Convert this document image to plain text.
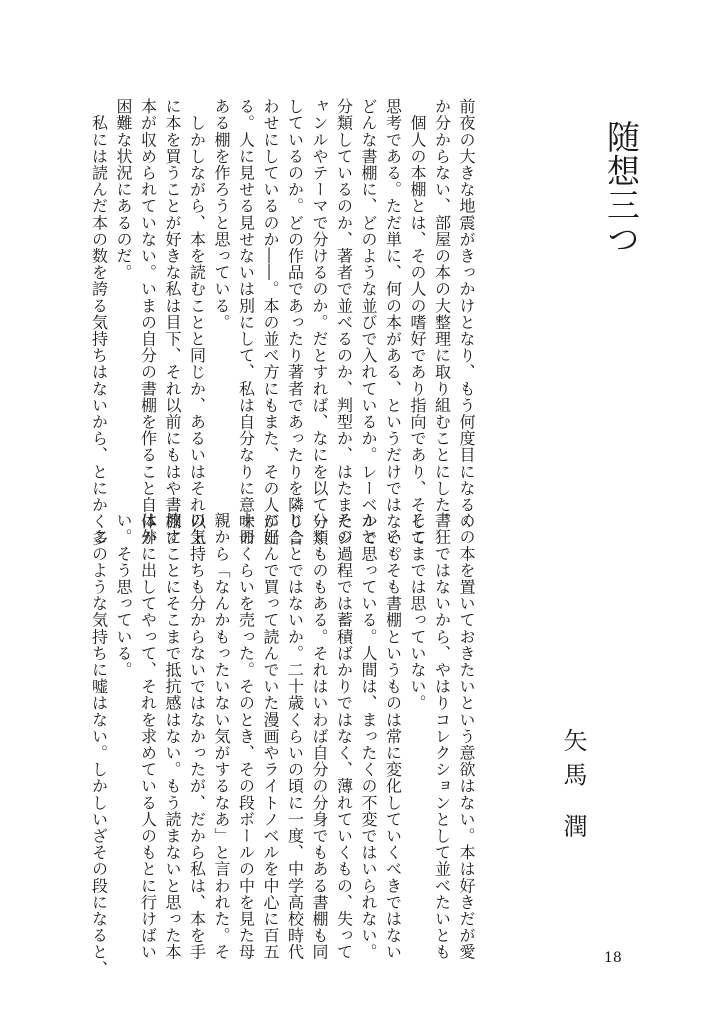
随想三つ
矢馬 潤
前夜の大きな地震がきっかけとなり、もう何度目になるの
か分からない、部屋の本の大整理に取り組むことにした。
　個人の本棚とは、その人の嗜好であり指向であり、そして
思考である。ただ単に、何の本がある、というだけではない。
どんな書棚に、どのような並びで入れているか。レーベルで
分類しているのか、著者で並べるのか、判型か、はたまたジ
ャンルやテーマで分けるのか。だとすれば、なにを以て分類
しているのか。どの作品であったり著者であったりを隣り合
わせにしているのか――。本の並べ方にもまた、その人が出
る。人に見せる見せないは別にして、私は自分なりに意味の
ある棚を作ろうと思っている。
　しかしながら、本を読むことと同じか、あるいはそれ以上
に本を買うことが好きな私は目下、それ以前にもはや書棚に
本が収められていない。いまの自分の書棚を作ること自体が
困難な状況にあるのだ。
　私には読んだ本の数を誇る気持ちはないから、とにかく多
くの本を置いておきたいという意欲はない。本は好きだが愛
書狂ではないから、やはりコレクションとして並べたいとも
そこまでは思っていない。
　そもそも書棚というものは常に変化していくべきではない
かと思っている。人間は、まったくの不変ではいられない。
その過程では蓄積ばかりではなく、薄れていくもの、失って
いくものもある。それはいわば自分の分身でもある書棚も同
じことではないか。二十歳くらいの頃に一度、中学高校時代
に好んで買って読んでいた漫画やライトノベルを中心に百五
十冊くらいを売った。そのとき、その段ボールの中を見た母
親から「なんかもったいない気がするなあ」と言われた。そ
の気持ちも分からないではなかったが、だから私は、本を手
放すことにそこまで抵抗感はない。もう読まないと思った本
は外に出してやって、それを求めている人のもとに行けばい
い。そう思っている。
　このような気持ちに嘘はない。しかしいざその段になると、	18
